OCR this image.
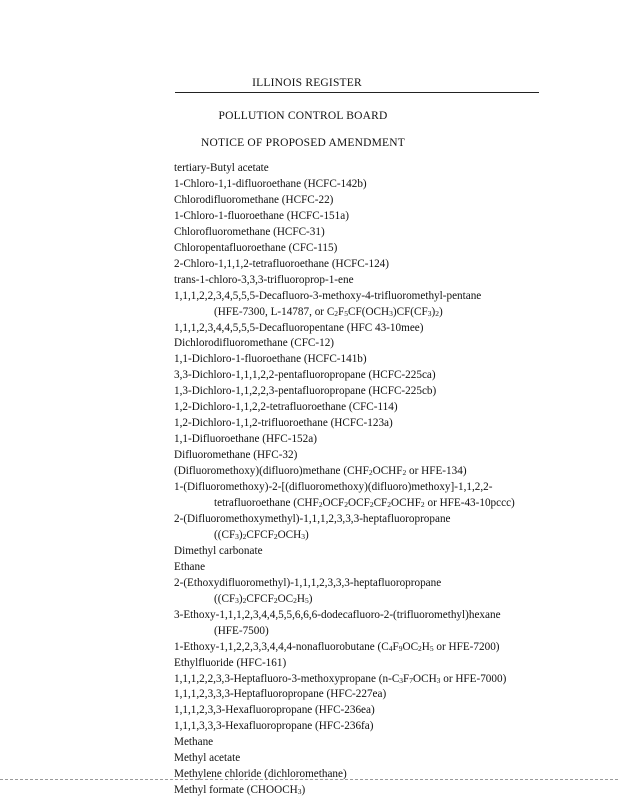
ILLINOIS REGISTER
POLLUTION CONTROL BOARD
NOTICE OF PROPOSED AMENDMENT
tertiary-Butyl acetate
1-Chloro-1,1-difluoroethane (HCFC-142b)
Chlorodifluoromethane (HCFC-22)
1-Chloro-1-fluoroethane (HCFC-151a)
Chlorofluoromethane (HCFC-31)
Chloropentafluoroethane (CFC-115)
2-Chloro-1,1,1,2-tetrafluoroethane (HCFC-124)
trans-1-chloro-3,3,3-trifluoroprop-1-ene
1,1,1,2,2,3,4,5,5,5-Decafluoro-3-methoxy-4-trifluoromethyl-pentane
(HFE-7300, L-14787, or $C_2F_5CF(OCH_3)CF(CF_3)_2$)
1,1,1,2,3,4,4,5,5,5-Decafluoropentane (HFC 43-10mee)
Dichlorodifluoromethane (CFC-12)
1,1-Dichloro-1-fluoroethane (HCFC-141b)
3,3-Dichloro-1,1,1,2,2-pentafluoropropane (HCFC-225ca)
1,3-Dichloro-1,1,2,2,3-pentafluoropropane (HCFC-225cb)
1,2-Dichloro-1,1,2,2-tetrafluoroethane (CFC-114)
1,2-Dichloro-1,1,2-trifluoroethane (HCFC-123a)
1,1-Difluoroethane (HFC-152a)
Difluoromethane (HFC-32)
(Difluoromethoxy)(difluoro)methane ($CHF_2OCHF_2$ or HFE-134)
1-(Difluoromethoxy)-2-[(difluoromethoxy)(difluoro)methoxy]-1,1,2,2-
tetrafluoroethane ($CHF_2OCF_2OCF_2CF_2OCHF_2$ or HFE-43-10pccc)
2-(Difluoromethoxymethyl)-1,1,1,2,3,3,3-heptafluoropropane
$((CF_3)_2CFCF_2OCH_3)$
Dimethyl carbonate
Ethane
2-(Ethoxydifluoromethyl)-1,1,1,2,3,3,3-heptafluoropropane
$((CF_3)_2CFCF_2OC_2H_5)$
3-Ethoxy-1,1,1,2,3,4,4,5,5,6,6,6-dodecafluoro-2-(trifluoromethyl)hexane
(HFE-7500)
1-Ethoxy-1,1,2,2,3,3,4,4,4-nonafluorobutane ($C_4F_9OC_2H_5$ or HFE-7200)
Ethylfluoride (HFC-161)
1,1,1,2,2,3,3-Heptafluoro-3-methoxypropane ($n-C_3F_7OCH_3$ or HFE-7000)
1,1,1,2,3,3,3-Heptafluoropropane (HFC-227ea)
1,1,1,2,3,3-Hexafluoropropane (HFC-236ea)
1,1,1,3,3,3-Hexafluoropropane (HFC-236fa)
Methane
Methyl acetate
Methylene chloride (dichloromethane)
Methyl formate $(CHOOCH_3)$
